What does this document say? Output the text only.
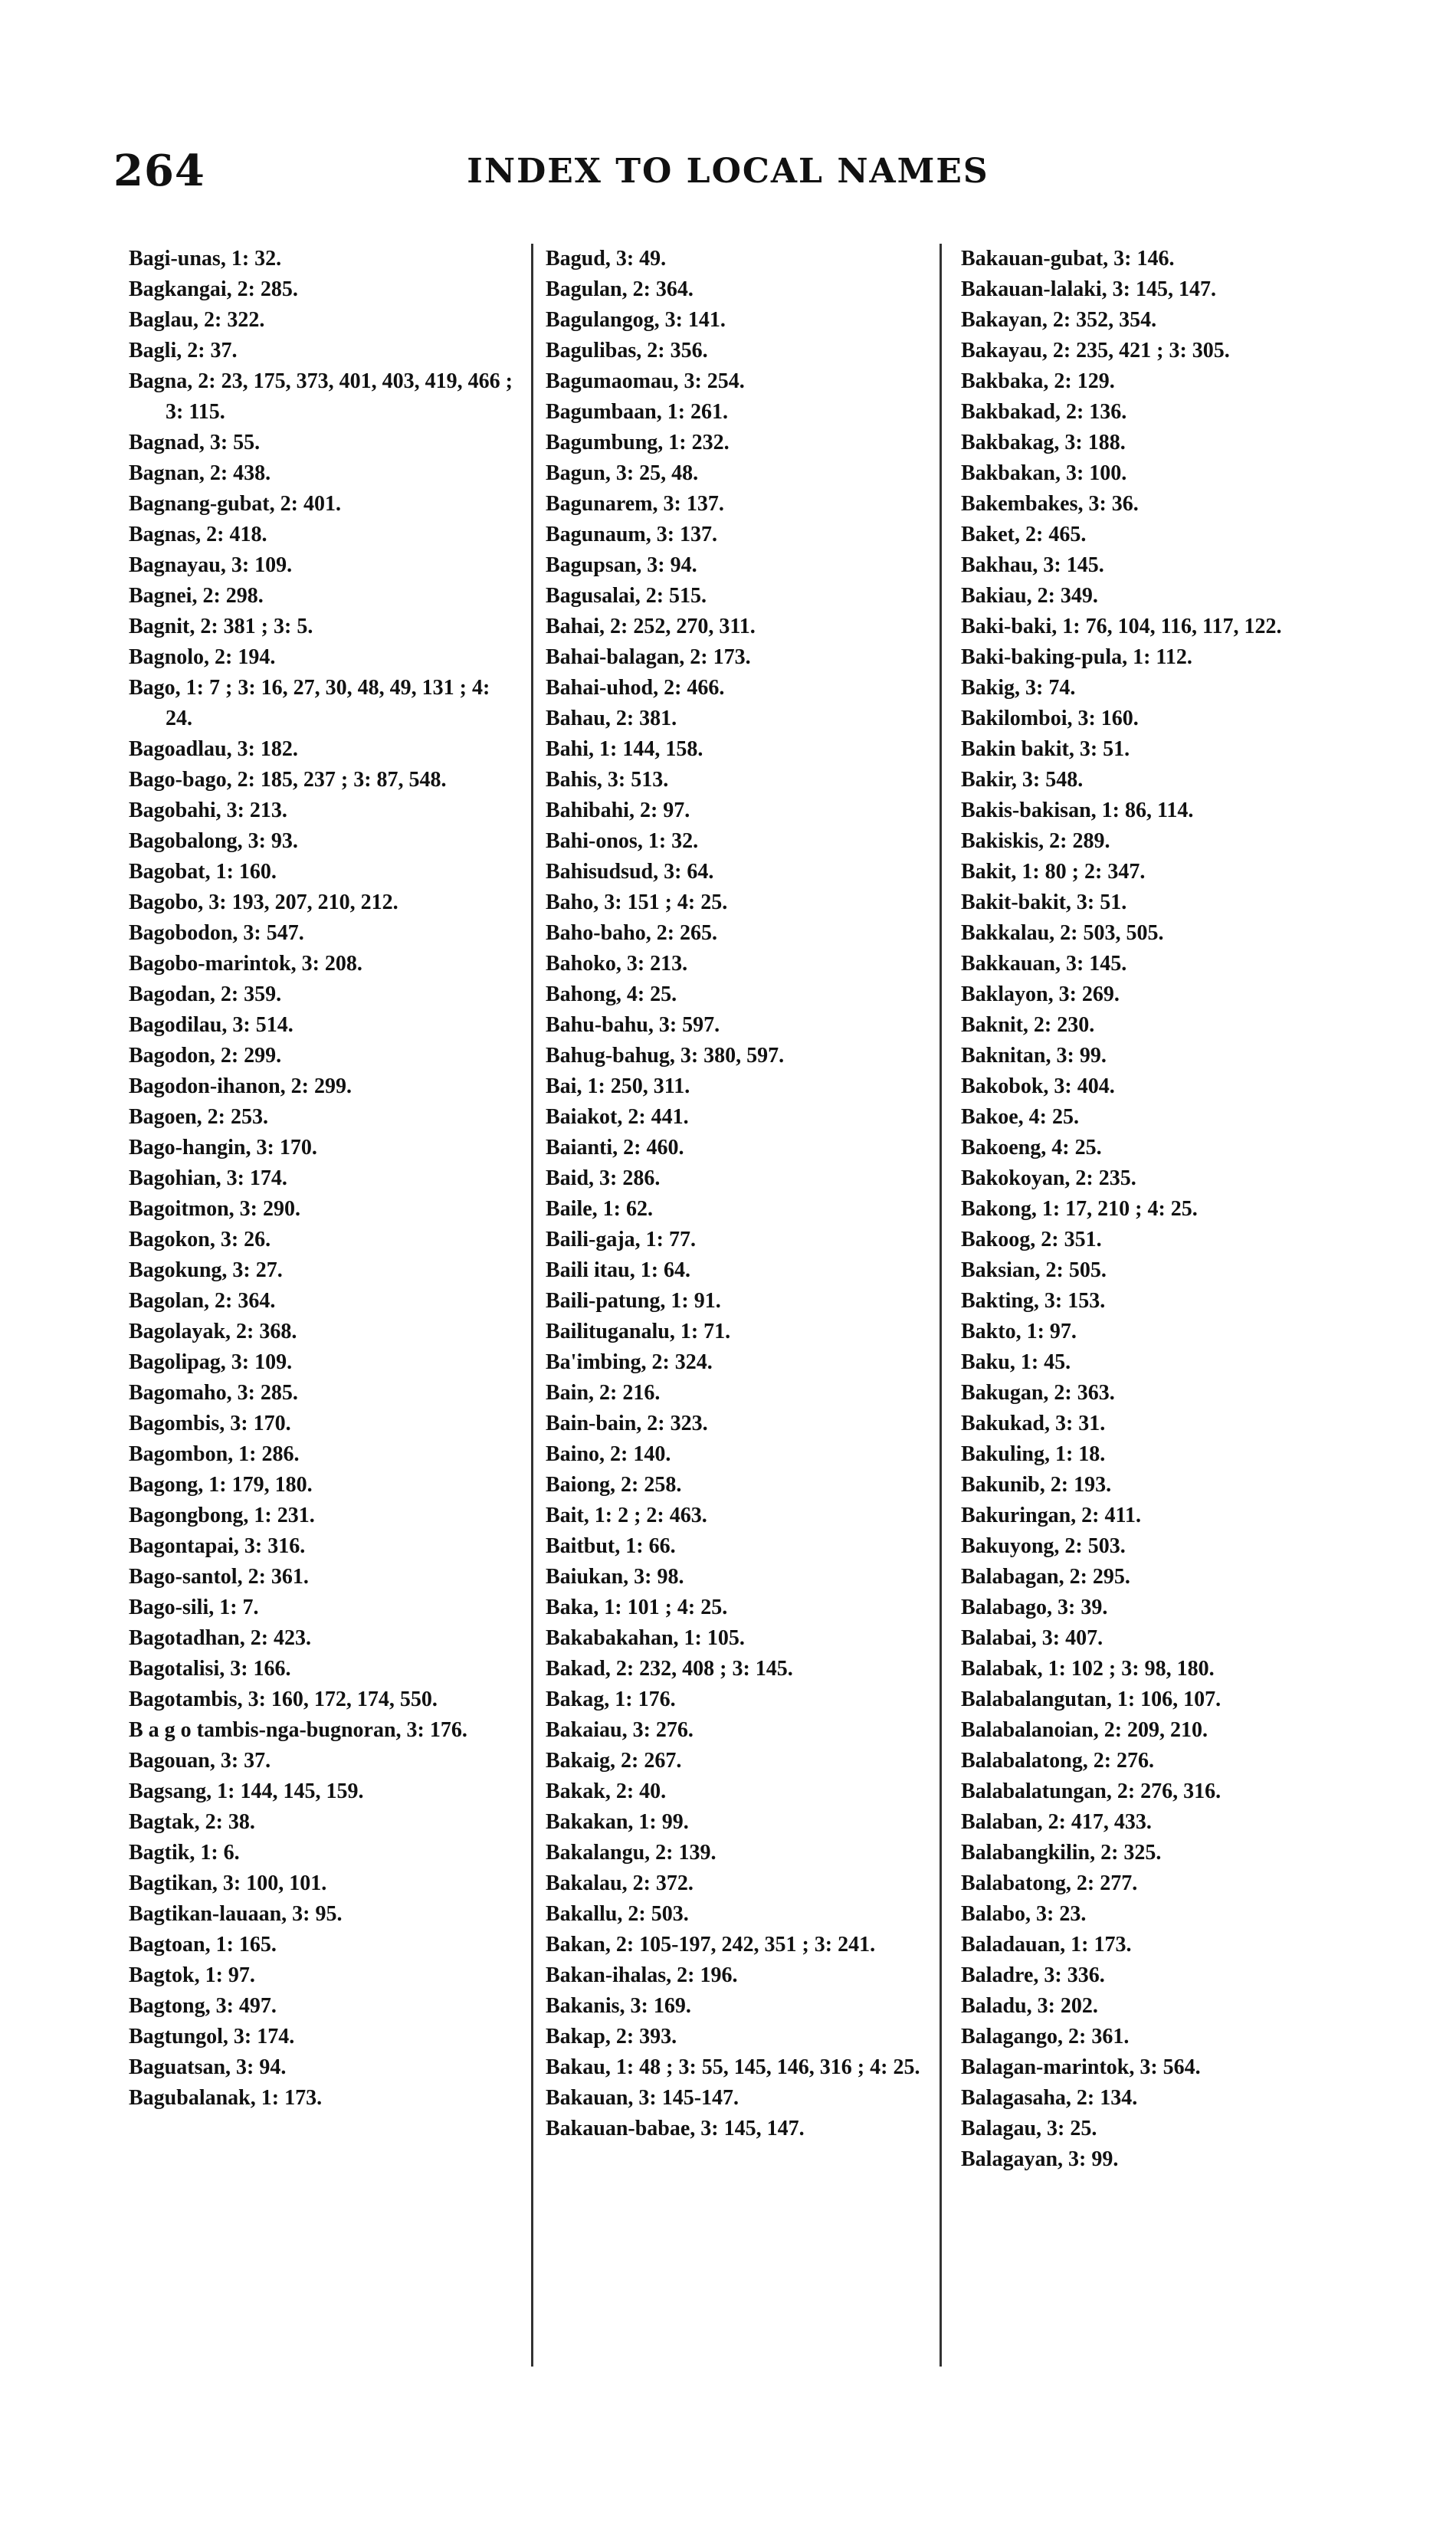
264	INDEX TO LOCAL NAMES

Bagi-unas, 1: 32.

Bagkangai, 2: 285.

Baglau, 2: 322.

Bagli, 2: 37.

Bagna, 2: 23, 175, 373, 401, 403, 419, 466 ; 3: 115.

Bagnad, 3: 55.

Bagnan, 2: 438.

Bagnang-gubat, 2: 401.

Bagnas, 2: 418.

Bagnayau, 3: 109.

Bagnei, 2: 298.

Bagnit, 2: 381 ; 3: 5.

Bagnolo, 2: 194.

Bago, 1: 7 ; 3: 16, 27, 30, 48, 49, 131 ; 4: 24.

Bagoadlau, 3: 182.

Bago-bago, 2: 185, 237 ; 3: 87, 548.

Bagobahi, 3: 213.

Bagobalong, 3: 93.

Bagobat, 1: 160.

Bagobo, 3: 193, 207, 210, 212.

Bagobodon, 3: 547.

Bagobo-marintok, 3: 208.

Bagodan, 2: 359.

Bagodilau, 3: 514.

Bagodon, 2: 299.

Bagodon-ihanon, 2: 299.

Bagoen, 2: 253.

Bago-hangin, 3: 170.

Bagohian, 3: 174.

Bagoitmon, 3: 290.

Bagokon, 3: 26.

Bagokung, 3: 27.

Bagolan, 2: 364.

Bagolayak, 2: 368.

Bagolipag, 3: 109.

Bagomaho, 3: 285.

Bagombis, 3: 170.

Bagombon, 1: 286.

Bagong, 1: 179, 180.

Bagongbong, 1: 231.

Bagontapai, 3: 316.

Bago-santol, 2: 361.

Bago-sili, 1: 7.

Bagotadhan, 2: 423.

Bagotalisi, 3: 166.

Bagotambis, 3: 160, 172, 174, 550.

B a g o tambis-nga-bugnoran, 3: 176.

Bagouan, 3: 37.

Bagsang, 1: 144, 145, 159.

Bagtak, 2: 38.

Bagtik, 1: 6.

Bagtikan, 3: 100, 101.

Bagtikan-lauaan, 3: 95.

Bagtoan, 1: 165.

Bagtok, 1: 97.

Bagtong, 3: 497.

Bagtungol, 3: 174.

Baguatsan, 3: 94.

Bagubalanak, 1: 173.

Bagud, 3: 49.

Bagulan, 2: 364.

Bagulangog, 3: 141.

Bagulibas, 2: 356.

Bagumaomau, 3: 254.

Bagumbaan, 1: 261.

Bagumbung, 1: 232.

Bagun, 3: 25, 48.

Bagunarem, 3: 137.

Bagunaum, 3: 137.

Bagupsan, 3: 94.

Bagusalai, 2: 515.

Bahai, 2: 252, 270, 311.

Bahai-balagan, 2: 173.

Bahai-uhod, 2: 466.

Bahau, 2: 381.

Bahi, 1: 144, 158.

Bahis, 3: 513.

Bahibahi, 2: 97.

Bahi-onos, 1: 32.

Bahisudsud, 3: 64.

Baho, 3: 151 ; 4: 25.

Baho-baho, 2: 265.

Bahoko, 3: 213.

Bahong, 4: 25.

Bahu-bahu, 3: 597.

Bahug-bahug, 3: 380, 597.

Bai, 1: 250, 311.

Baiakot, 2: 441.

Baianti, 2: 460.

Baid, 3: 286.

Baile, 1: 62.

Baili-gaja, 1: 77.

Baili itau, 1: 64.

Baili-patung, 1: 91.

Bailituganalu, 1: 71.

Ba'imbing, 2: 324.

Bain, 2: 216.

Bain-bain, 2: 323.

Baino, 2: 140.

Baiong, 2: 258.

Bait, 1: 2 ; 2: 463.

Baitbut, 1: 66.

Baiukan, 3: 98.

Baka, 1: 101 ; 4: 25.

Bakabakahan, 1: 105.

Bakad, 2: 232, 408 ; 3: 145.

Bakag, 1: 176.

Bakaiau, 3: 276.

Bakaig, 2: 267.

Bakak, 2: 40.

Bakakan, 1: 99.

Bakalangu, 2: 139.

Bakalau, 2: 372.

Bakallu, 2: 503.

Bakan, 2: 105-197, 242, 351 ; 3: 241.

Bakan-ihalas, 2: 196.

Bakanis, 3: 169.

Bakap, 2: 393.

Bakau, 1: 48 ; 3: 55, 145, 146, 316 ; 4: 25.

Bakauan, 3: 145-147.

Bakauan-babae, 3: 145, 147.

Bakauan-gubat, 3: 146.

Bakauan-lalaki, 3: 145, 147.

Bakayan, 2: 352, 354.

Bakayau, 2: 235, 421 ; 3: 305.

Bakbaka, 2: 129.

Bakbakad, 2: 136.

Bakbakag, 3: 188.

Bakbakan, 3: 100.

Bakembakes, 3: 36.

Baket, 2: 465.

Bakhau, 3: 145.

Bakiau, 2: 349.

Baki-baki, 1: 76, 104, 116, 117, 122.

Baki-baking-pula, 1: 112.

Bakig, 3: 74.

Bakilomboi, 3: 160.

Bakin bakit, 3: 51.

Bakir, 3: 548.

Bakis-bakisan, 1: 86, 114.

Bakiskis, 2: 289.

Bakit, 1: 80 ; 2: 347.

Bakit-bakit, 3: 51.

Bakkalau, 2: 503, 505.

Bakkauan, 3: 145.

Baklayon, 3: 269.

Baknit, 2: 230.

Baknitan, 3: 99.

Bakobok, 3: 404.

Bakoe, 4: 25.

Bakoeng, 4: 25.

Bakokoyan, 2: 235.

Bakong, 1: 17, 210 ; 4: 25.

Bakoog, 2: 351.

Baksian, 2: 505.

Bakting, 3: 153.

Bakto, 1: 97.

Baku, 1: 45.

Bakugan, 2: 363.

Bakukad, 3: 31.

Bakuling, 1: 18.

Bakunib, 2: 193.

Bakuringan, 2: 411.

Bakuyong, 2: 503.

Balabagan, 2: 295.

Balabago, 3: 39.

Balabai, 3: 407.

Balabak, 1: 102 ; 3: 98, 180.

Balabalangutan, 1: 106, 107.

Balabalanoian, 2: 209, 210.

Balabalatong, 2: 276.

Balabalatungan, 2: 276, 316.

Balaban, 2: 417, 433.

Balabangkilin, 2: 325.

Balabatong, 2: 277.

Balabo, 3: 23.

Baladauan, 1: 173.

Baladre, 3: 336.

Baladu, 3: 202.

Balagango, 2: 361.

Balagan-marintok, 3: 564.

Balagasaha, 2: 134.

Balagau, 3: 25.

Balagayan, 3: 99.
